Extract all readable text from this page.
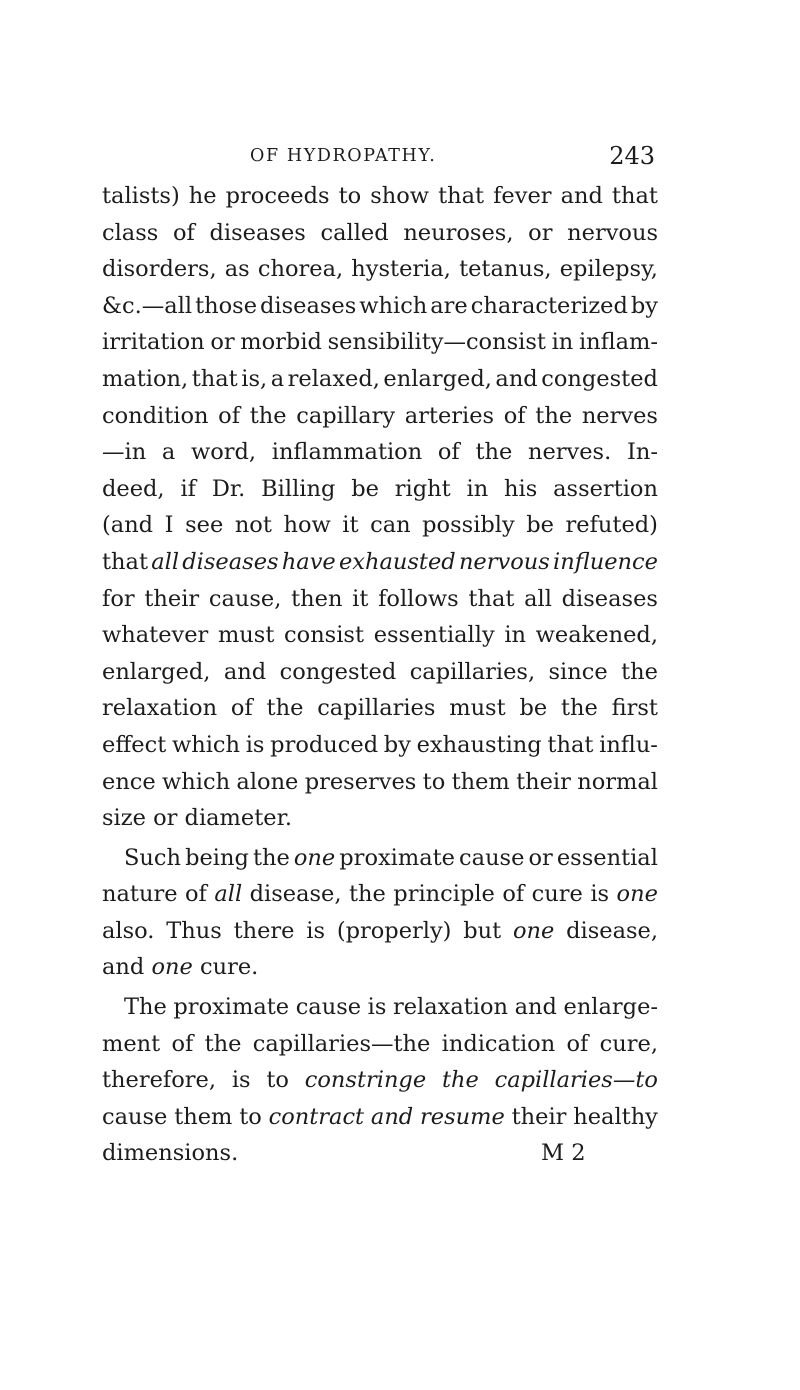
OF HYDROPATHY.	243
talists) he proceeds to show that fever and that
class of diseases called neuroses, or nervous
disorders, as chorea, hysteria, tetanus, epilepsy,
&c.—all those diseases which are characterized by
irritation or morbid sensibility—consist in inflam-
mation, that is, a relaxed, enlarged, and congested
condition of the capillary arteries of the nerves
—in a word, inflammation of the nerves. In-
deed, if Dr. Billing be right in his assertion
(and I see not how it can possibly be refuted)
that all diseases have exhausted nervous influence
for their cause, then it follows that all diseases
whatever must consist essentially in weakened,
enlarged, and congested capillaries, since the
relaxation of the capillaries must be the first
effect which is produced by exhausting that influ-
ence which alone preserves to them their normal
size
or
diameter.
Such being the one proximate cause or essential
nature of all disease, the principle of cure is one
also. Thus there is (properly) but one disease,
and
one
cure.
The proximate cause is relaxation and enlarge-
ment of the capillaries—the indication of cure,
therefore, is to constringe the capillaries—to
cause them to contract and resume their healthy
dimensions.	M 2
